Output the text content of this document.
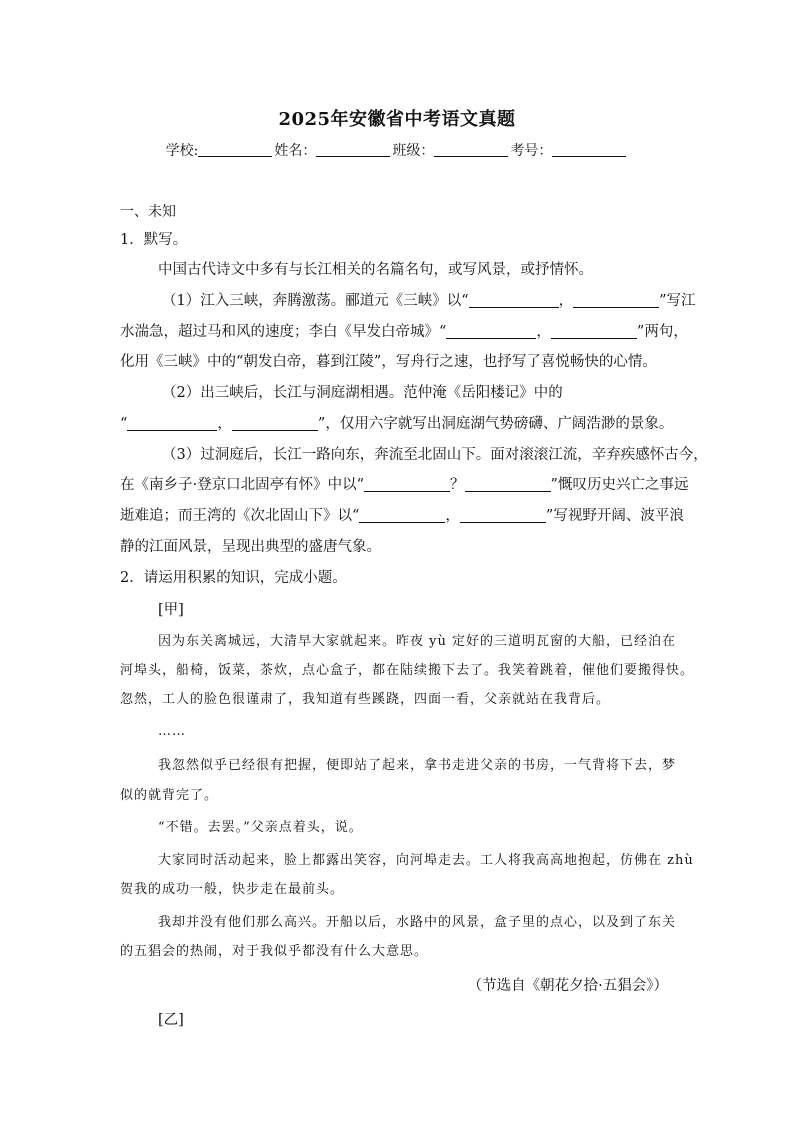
2025年安徽省中考语文真题
学校:	姓名：	班级：	考号：
一、未知
1．默写。
中国古代诗文中多有与长江相关的名篇名句，或写风景，或抒情怀。
（1）江入三峡，奔腾激荡。郦道元《三峡》以“	，	”写江
水湍急，超过马和风的速度；李白《早发白帝城》“	，	”两句，
化用《三峡》中的“朝发白帝，暮到江陵”，写舟行之速，也抒写了喜悦畅快的心情。
（2）出三峡后，长江与洞庭湖相遇。范仲淹《岳阳楼记》中的
“	，	”，仅用六字就写出洞庭湖气势磅礴、广阔浩渺的景象。
（3）过洞庭后，长江一路向东，奔流至北固山下。面对滚滚江流，辛弃疾感怀古今，
在《南乡子·登京口北固亭有怀》中以“	？	”慨叹历史兴亡之事远
逝难追；而王湾的《次北固山下》以“	，	”写视野开阔、波平浪
静的江面风景，呈现出典型的盛唐气象。
2．请运用积累的知识，完成小题。
[甲]
因为东关离城远，大清早大家就起来。昨夜 yù 定好的三道明瓦窗的大船，已经泊在
河埠头，船椅，饭菜，茶炊，点心盒子，都在陆续搬下去了。我笑着跳着，催他们要搬得快。
忽然，工人的脸色很谨肃了，我知道有些蹊跷，四面一看，父亲就站在我背后。
……
我忽然似乎已经很有把握，便即站了起来，拿书走进父亲的书房，一气背将下去，梦
似的就背完了。
“不错。去罢。”父亲点着头，说。
大家同时活动起来，脸上都露出笑容，向河埠走去。工人将我高高地抱起，仿佛在 zhù
贺我的成功一般，快步走在最前头。
我却并没有他们那么高兴。开船以后，水路中的风景，盒子里的点心，以及到了东关
的五猖会的热闹，对于我似乎都没有什么大意思。
（节选自《朝花夕拾·五猖会》）
[乙]
